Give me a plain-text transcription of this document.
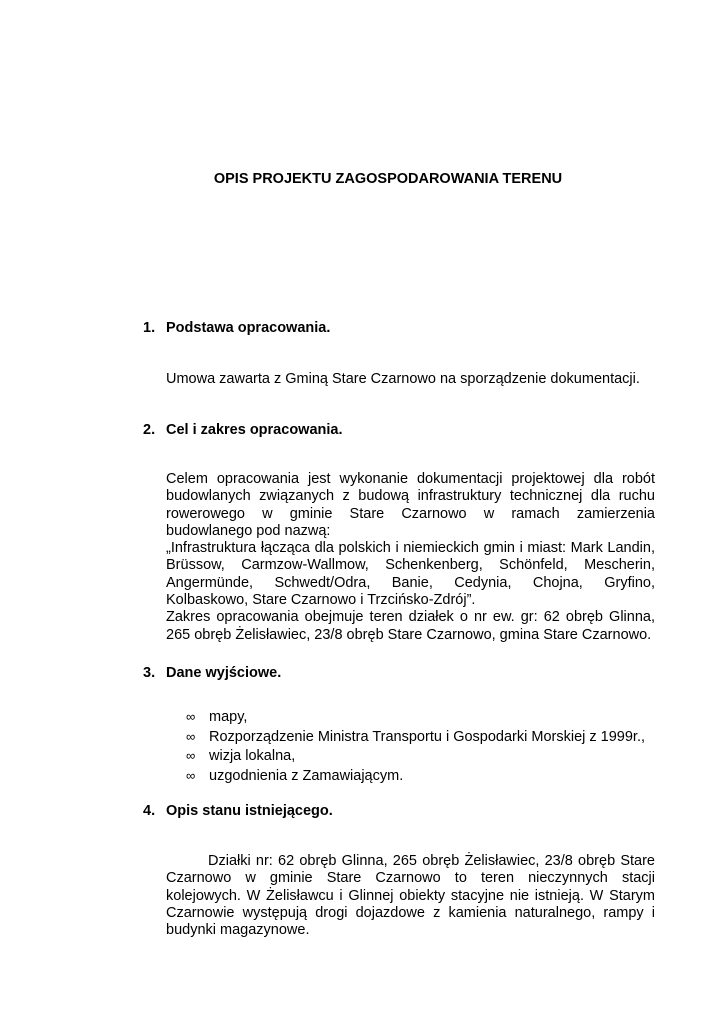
OPIS PROJEKTU ZAGOSPODAROWANIA TERENU
1. Podstawa opracowania.
Umowa zawarta z Gminą Stare Czarnowo na sporządzenie dokumentacji.
2. Cel i zakres opracowania.
Celem opracowania jest wykonanie dokumentacji projektowej dla robót
budowlanych związanych z budową infrastruktury technicznej dla ruchu
rowerowego w gminie Stare Czarnowo w ramach zamierzenia
budowlanego pod nazwą:
„Infrastruktura łącząca dla polskich i niemieckich gmin i miast: Mark Landin,
Brüssow, Carmzow-Wallmow, Schenkenberg, Schönfeld, Mescherin,
Angermünde, Schwedt/Odra, Banie, Cedynia, Chojna, Gryfino,
Kolbaskowo, Stare Czarnowo i Trzcińsko-Zdrój”.
Zakres opracowania obejmuje teren działek o nr ew. gr: 62 obręb Glinna,
265 obręb Żelisławiec, 23/8 obręb Stare Czarnowo, gmina Stare Czarnowo.
3. Dane wyjściowe.
∞ mapy,
∞ Rozporządzenie Ministra Transportu i Gospodarki Morskiej z 1999r.,
∞ wizja lokalna,
∞ uzgodnienia z Zamawiającym.
4. Opis stanu istniejącego.
Działki nr: 62 obręb Glinna, 265 obręb Żelisławiec, 23/8 obręb Stare
Czarnowo w gminie Stare Czarnowo to teren nieczynnych stacji
kolejowych. W Żelisławcu i Glinnej obiekty stacyjne nie istnieją. W Starym
Czarnowie występują drogi dojazdowe z kamienia naturalnego, rampy i
budynki magazynowe.
